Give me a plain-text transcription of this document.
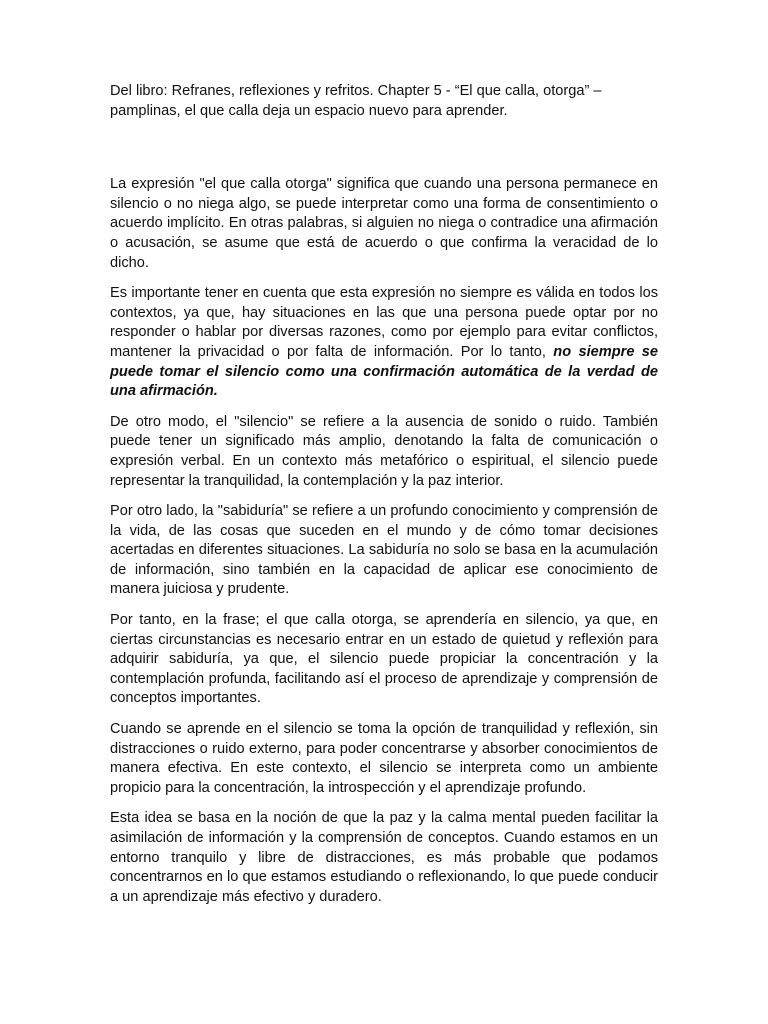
Del libro: Refranes, reflexiones y refritos. Chapter 5 - “El que calla, otorga” –
pamplinas, el que calla deja un espacio nuevo para aprender.

La expresión "el que calla otorga" significa que cuando una persona permanece en silencio o no niega algo, se puede interpretar como una forma de consentimiento o acuerdo implícito. En otras palabras, si alguien no niega o contradice una afirmación o acusación, se asume que está de acuerdo o que confirma la veracidad de lo dicho.

Es importante tener en cuenta que esta expresión no siempre es válida en todos los contextos, ya que, hay situaciones en las que una persona puede optar por no responder o hablar por diversas razones, como por ejemplo para evitar conflictos, mantener la privacidad o por falta de información. Por lo tanto, no siempre se puede tomar el silencio como una confirmación automática de la verdad de una afirmación.

De otro modo, el "silencio" se refiere a la ausencia de sonido o ruido. También puede tener un significado más amplio, denotando la falta de comunicación o expresión verbal. En un contexto más metafórico o espiritual, el silencio puede representar la tranquilidad, la contemplación y la paz interior.

Por otro lado, la "sabiduría" se refiere a un profundo conocimiento y comprensión de la vida, de las cosas que suceden en el mundo y de cómo tomar decisiones acertadas en diferentes situaciones. La sabiduría no solo se basa en la acumulación de información, sino también en la capacidad de aplicar ese conocimiento de manera juiciosa y prudente.

Por tanto, en la frase; el que calla otorga, se aprendería en silencio, ya que, en ciertas circunstancias es necesario entrar en un estado de quietud y reflexión para adquirir sabiduría, ya que, el silencio puede propiciar la concentración y la contemplación profunda, facilitando así el proceso de aprendizaje y comprensión de conceptos importantes.

Cuando se aprende en el silencio se toma la opción de tranquilidad y reflexión, sin distracciones o ruido externo, para poder concentrarse y absorber conocimientos de manera efectiva. En este contexto, el silencio se interpreta como un ambiente propicio para la concentración, la introspección y el aprendizaje profundo.

Esta idea se basa en la noción de que la paz y la calma mental pueden facilitar la asimilación de información y la comprensión de conceptos. Cuando estamos en un entorno tranquilo y libre de distracciones, es más probable que podamos concentrarnos en lo que estamos estudiando o reflexionando, lo que puede conducir a un aprendizaje más efectivo y duradero.
